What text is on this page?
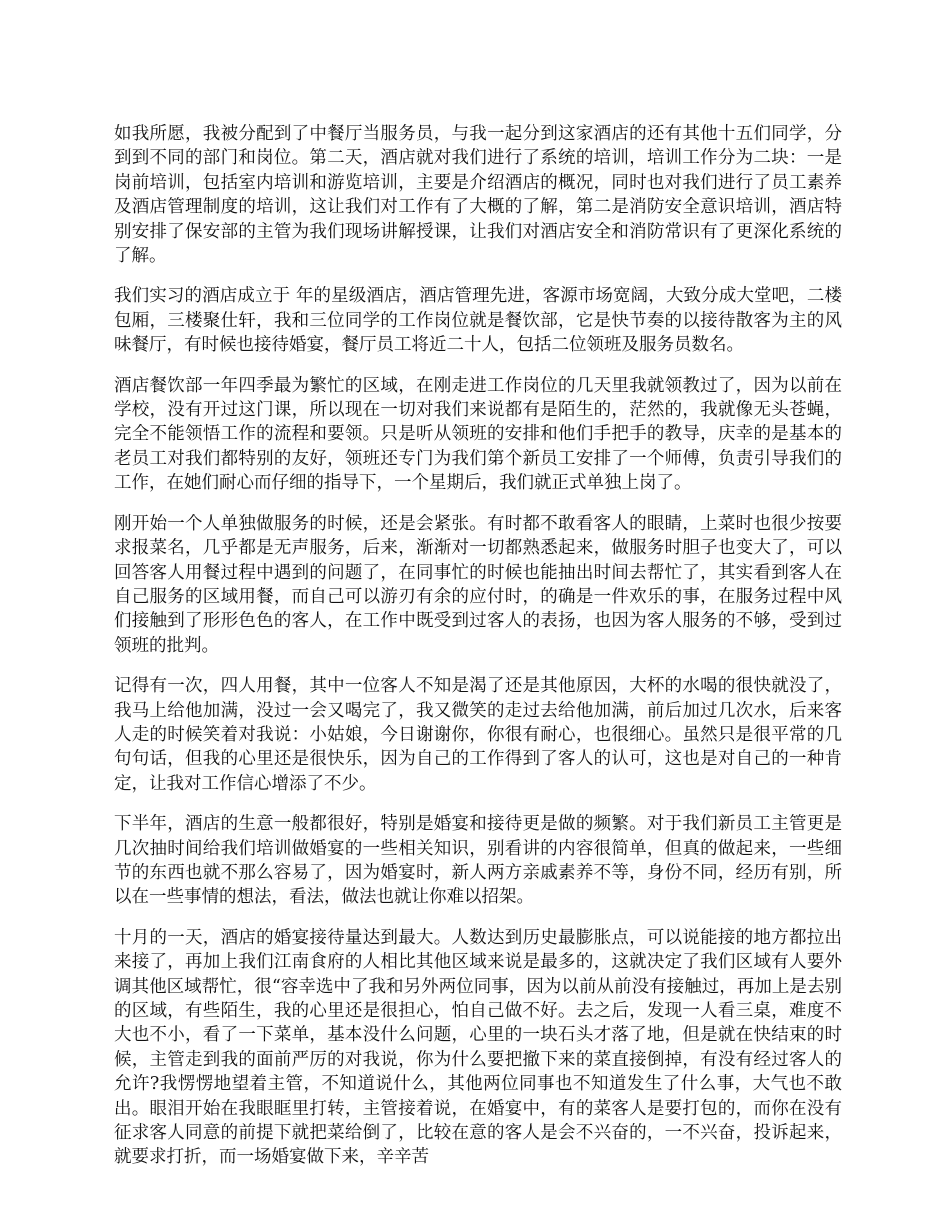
如我所愿，我被分配到了中餐厅当服务员，与我一起分到这家酒店的还有其他十五们同学，分到到不同的部门和岗位。第二天，酒店就对我们进行了系统的培训，培训工作分为二块：一是岗前培训，包括室内培训和游览培训，主要是介绍酒店的概况，同时也对我们进行了员工素养及酒店管理制度的培训，这让我们对工作有了大概的了解，第二是消防安全意识培训，酒店特别安排了保安部的主管为我们现场讲解授课，让我们对酒店安全和消防常识有了更深化系统的了解。

我们实习的酒店成立于 年的星级酒店，酒店管理先进，客源市场宽阔，大致分成大堂吧，二楼包厢，三楼聚仕轩，我和三位同学的工作岗位就是餐饮部，它是快节奏的以接待散客为主的风味餐厅，有时候也接待婚宴，餐厅员工将近二十人，包括二位领班及服务员数名。

酒店餐饮部一年四季最为繁忙的区域，在刚走进工作岗位的几天里我就领教过了，因为以前在学校，没有开过这门课，所以现在一切对我们来说都有是陌生的，茫然的，我就像无头苍蝇，完全不能领悟工作的流程和要领。只是听从领班的安排和他们手把手的教导，庆幸的是基本的老员工对我们都特别的友好，领班还专门为我们第个新员工安排了一个师傅，负责引导我们的工作，在她们耐心而仔细的指导下，一个星期后，我们就正式单独上岗了。

刚开始一个人单独做服务的时候，还是会紧张。有时都不敢看客人的眼睛，上菜时也很少按要求报菜名，几乎都是无声服务，后来，渐渐对一切都熟悉起来，做服务时胆子也变大了，可以回答客人用餐过程中遇到的问题了，在同事忙的时候也能抽出时间去帮忙了，其实看到客人在自己服务的区域用餐，而自己可以游刃有余的应付时，的确是一件欢乐的事，在服务过程中风们接触到了形形色色的客人，在工作中既受到过客人的表扬，也因为客人服务的不够，受到过领班的批判。

记得有一次，四人用餐，其中一位客人不知是渴了还是其他原因，大杯的水喝的很快就没了，我马上给他加满，没过一会又喝完了，我又微笑的走过去给他加满，前后加过几次水，后来客人走的时候笑着对我说：小姑娘，今日谢谢你，你很有耐心，也很细心。虽然只是很平常的几句句话，但我的心里还是很快乐，因为自己的工作得到了客人的认可，这也是对自己的一种肯定，让我对工作信心增添了不少。

下半年，酒店的生意一般都很好，特别是婚宴和接待更是做的频繁。对于我们新员工主管更是几次抽时间给我们培训做婚宴的一些相关知识，别看讲的内容很简单，但真的做起来，一些细节的东西也就不那么容易了，因为婚宴时，新人两方亲戚素养不等，身份不同，经历有别，所以在一些事情的想法，看法，做法也就让你难以招架。

十月的一天，酒店的婚宴接待量达到最大。人数达到历史最膨胀点，可以说能接的地方都拉出来接了，再加上我们江南食府的人相比其他区域来说是最多的，这就决定了我们区域有人要外调其他区域帮忙，很“容幸选中了我和另外两位同事，因为以前从前没有接触过，再加上是去别的区域，有些陌生，我的心里还是很担心，怕自己做不好。去之后，发现一人看三桌，难度不大也不小，看了一下菜单，基本没什么问题，心里的一块石头才落了地，但是就在快结束的时候，主管走到我的面前严厉的对我说，你为什么要把撤下来的菜直接倒掉，有没有经过客人的允许?我愣愣地望着主管，不知道说什么，其他两位同事也不知道发生了什么事，大气也不敢出。眼泪开始在我眼眶里打转，主管接着说，在婚宴中，有的菜客人是要打包的，而你在没有征求客人同意的前提下就把菜给倒了，比较在意的客人是会不兴奋的，一不兴奋，投诉起来，就要求打折，而一场婚宴做下来，辛辛苦
